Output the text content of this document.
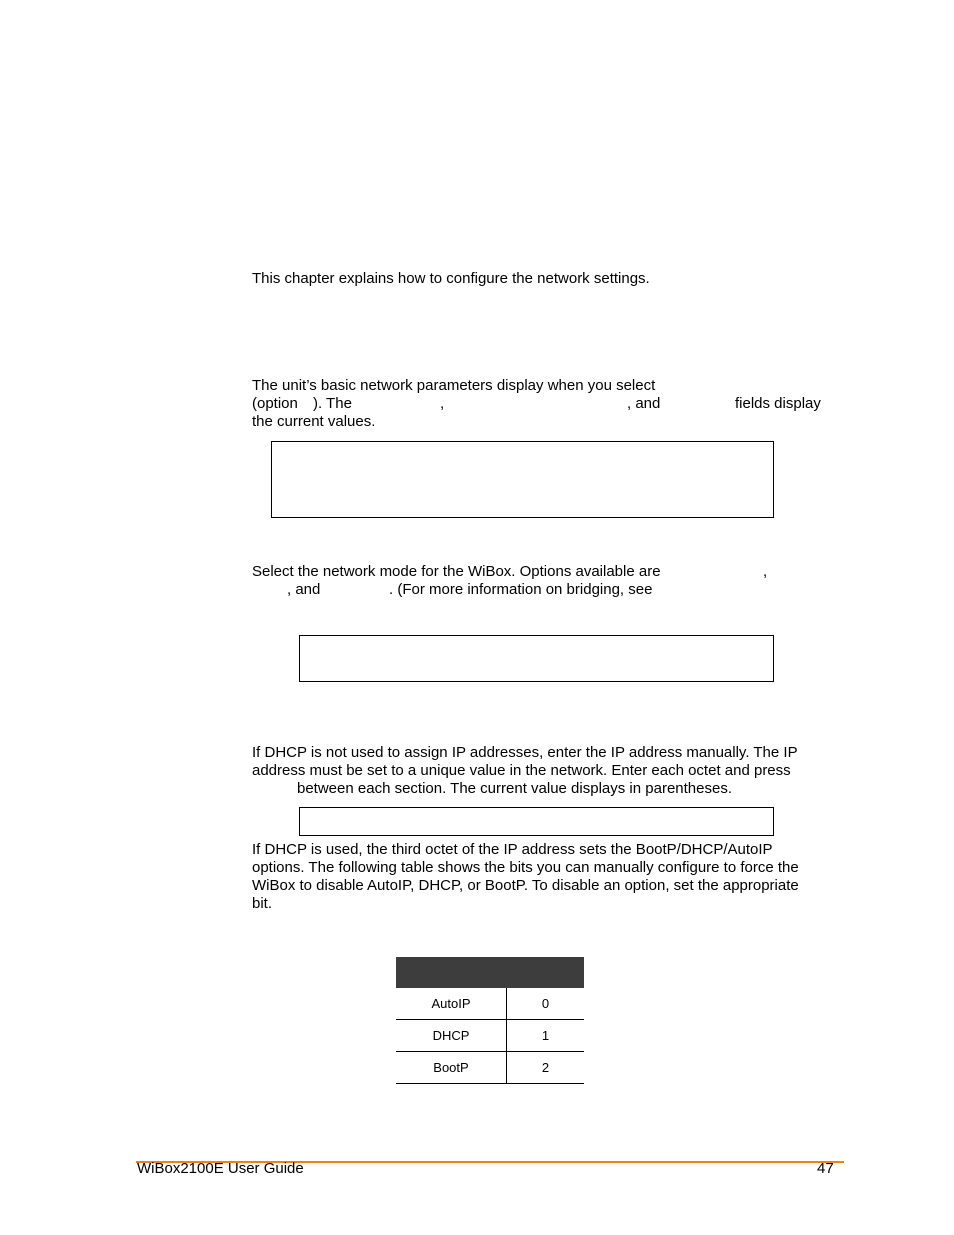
This chapter explains how to configure the network settings.
The unit’s basic network parameters display when you select
(option ). The	,	, and	fields display
the current values.
Select the network mode for the WiBox. Options available are	,
, and	. (For more information on bridging, see
If DHCP is not used to assign IP addresses, enter the IP address manually. The IP
address must be set to a unique value in the network. Enter each octet and press
between each section. The current value displays in parentheses.
If DHCP is used, the third octet of the IP address sets the BootP/DHCP/AutoIP
options. The following table shows the bits you can manually configure to force the
WiBox to disable AutoIP, DHCP, or BootP. To disable an option, set the appropriate
bit.

AutoIP	0
DHCP	1
BootP	2
WiBox2100E User Guide	47
